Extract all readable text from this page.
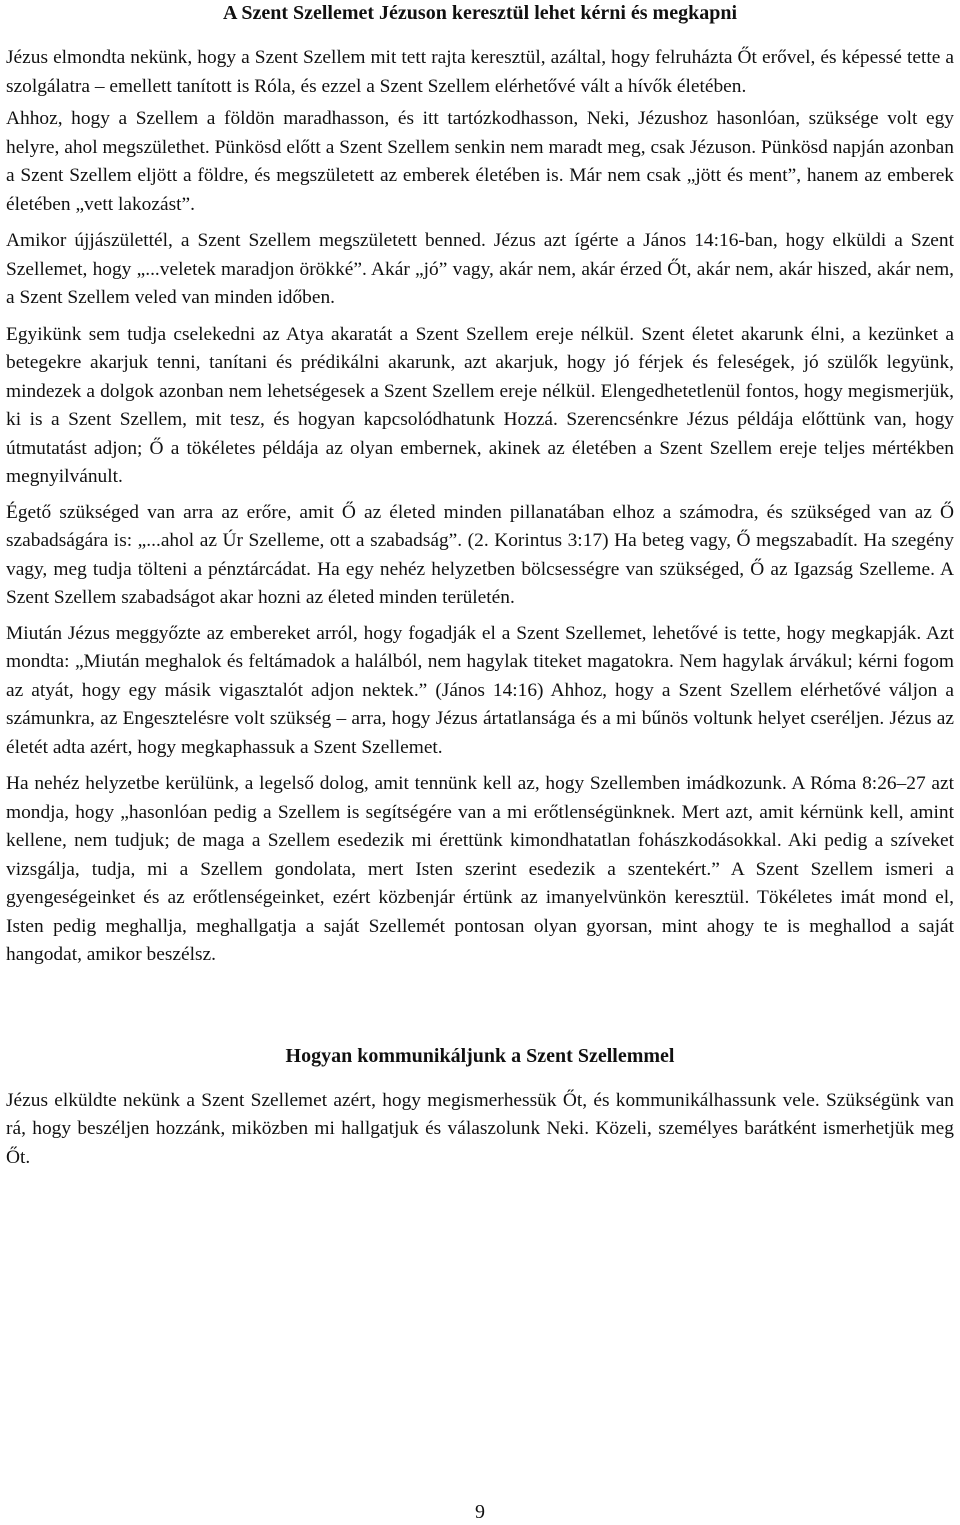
A Szent Szellemet Jézuson keresztül lehet kérni és megkapni

Jézus elmondta nekünk, hogy a Szent Szellem mit tett rajta keresztül, azáltal, hogy felruházta Őt erővel, és képessé tette a szolgálatra – emellett tanított is Róla, és ezzel a Szent Szellem elérhetővé vált a hívők életében.

Ahhoz, hogy a Szellem a földön maradhasson, és itt tartózkodhasson, Neki, Jézushoz hasonlóan, szüksége volt egy helyre, ahol megszülethet. Pünkösd előtt a Szent Szellem senkin nem maradt meg, csak Jézuson. Pünkösd napján azonban a Szent Szellem eljött a földre, és megszületett az emberek életében is. Már nem csak „jött és ment”, hanem az emberek életében „vett lakozást”.

Amikor újjászülettél, a Szent Szellem megszületett benned. Jézus azt ígérte a János 14:16-ban, hogy elküldi a Szent Szellemet, hogy „...veletek maradjon örökké”. Akár „jó” vagy, akár nem, akár érzed Őt, akár nem, akár hiszed, akár nem, a Szent Szellem veled van minden időben.

Egyikünk sem tudja cselekedni az Atya akaratát a Szent Szellem ereje nélkül. Szent életet akarunk élni, a kezünket a betegekre akarjuk tenni, tanítani és prédikálni akarunk, azt akarjuk, hogy jó férjek és feleségek, jó szülők legyünk, mindezek a dolgok azonban nem lehetségesek a Szent Szellem ereje nélkül. Elengedhetetlenül fontos, hogy megismerjük, ki is a Szent Szellem, mit tesz, és hogyan kapcsolódhatunk Hozzá. Szerencsénkre Jézus példája előttünk van, hogy útmutatást adjon; Ő a tökéletes példája az olyan embernek, akinek az életében a Szent Szellem ereje teljes mértékben megnyilvánult.

Égető szükséged van arra az erőre, amit Ő az életed minden pillanatában elhoz a számodra, és szükséged van az Ő szabadságára is: „...ahol az Úr Szelleme, ott a szabadság”. (2. Korintus 3:17) Ha beteg vagy, Ő megszabadít. Ha szegény vagy, meg tudja tölteni a pénztárcádat. Ha egy nehéz helyzetben bölcsességre van szükséged, Ő az Igazság Szelleme. A Szent Szellem szabadságot akar hozni az életed minden területén.

Miután Jézus meggyőzte az embereket arról, hogy fogadják el a Szent Szellemet, lehetővé is tette, hogy megkapják. Azt mondta: „Miután meghalok és feltámadok a halálból, nem hagylak titeket magatokra. Nem hagylak árvákul; kérni fogom az atyát, hogy egy másik vigasztalót adjon nektek.” (János 14:16) Ahhoz, hogy a Szent Szellem elérhetővé váljon a számunkra, az Engesztelésre volt szükség – arra, hogy Jézus ártatlansága és a mi bűnös voltunk helyet cseréljen. Jézus az életét adta azért, hogy megkaphassuk a Szent Szellemet.

Ha nehéz helyzetbe kerülünk, a legelső dolog, amit tennünk kell az, hogy Szellemben imádkozunk. A Róma 8:26–27 azt mondja, hogy „hasonlóan pedig a Szellem is segítségére van a mi erőtlenségünknek. Mert azt, amit kérnünk kell, amint kellene, nem tudjuk; de maga a Szellem esedezik mi érettünk kimondhatatlan fohászkodásokkal. Aki pedig a szíveket vizsgálja, tudja, mi a Szellem gondolata, mert Isten szerint esedezik a szentekért.” A Szent Szellem ismeri a gyengeségeinket és az erőtlenségeinket, ezért közbenjár értünk az imanyelvünkön keresztül. Tökéletes imát mond el, Isten pedig meghallja, meghallgatja a saját Szellemét pontosan olyan gyorsan, mint ahogy te is meghallod a saját hangodat, amikor beszélsz.

Hogyan kommunikáljunk a Szent Szellemmel

Jézus elküldte nekünk a Szent Szellemet azért, hogy megismerhessük Őt, és kommunikálhassunk vele. Szükségünk van rá, hogy beszéljen hozzánk, miközben mi hallgatjuk és válaszolunk Neki. Közeli, személyes barátként ismerhetjük meg Őt.

9
